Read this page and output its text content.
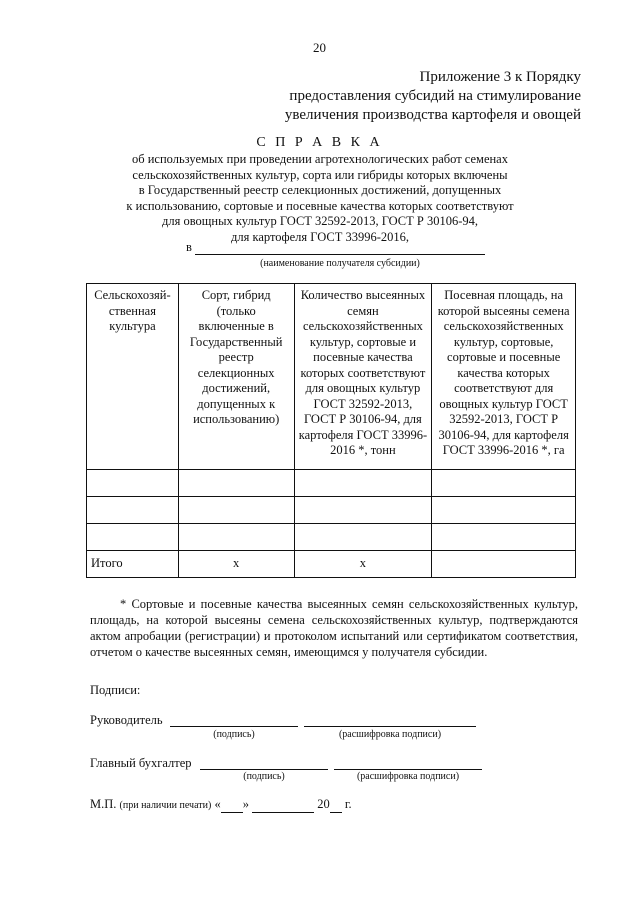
20
Приложение 3 к Порядку
предоставления субсидий на стимулирование
увеличения производства картофеля и овощей
С П Р А В К А
об используемых при проведении агротехнологических работ семенах
сельскохозяйственных культур, сорта или гибриды которых включены
в Государственный реестр селекционных достижений, допущенных
к использованию, сортовые и посевные качества которых соответствуют
для овощных культур ГОСТ 32592-2013, ГОСТ Р 30106-94,
для картофеля ГОСТ 33996-2016,
в
(наименование получателя субсидии)
Сельскохозяй-ственная культура	Сорт, гибрид (только включенные в Государственный реестр селекционных достижений, допущенных к использованию)	Количество высеянных семян сельскохозяйственных культур, сортовые и посевные качества которых соответствуют для овощных культур ГОСТ 32592-2013, ГОСТ Р 30106-94, для картофеля ГОСТ 33996-2016 *, тонн	Посевная площадь, на которой высеяны семена сельскохозяйственных культур, сортовые, сортовые и посевные качества которых соответствуют для овощных культур ГОСТ 32592-2013, ГОСТ Р 30106-94, для картофеля ГОСТ 33996-2016 *, га

Итого	х	х	

* Сортовые и посевные качества высеянных семян сельскохозяйственных культур, площадь, на которой высеяны семена сельскохозяйственных культур, подтверждаются актом апробации (регистрации) и протоколом испытаний или сертификатом соответствия, отчетом о качестве высеянных семян, имеющимся у получателя субсидии.

Подписи:
Руководитель
(подпись)	(расшифровка подписи)
Главный бухгалтер
(подпись)	(расшифровка подписи)
М.П. (при наличии печати) « »	20 г.
